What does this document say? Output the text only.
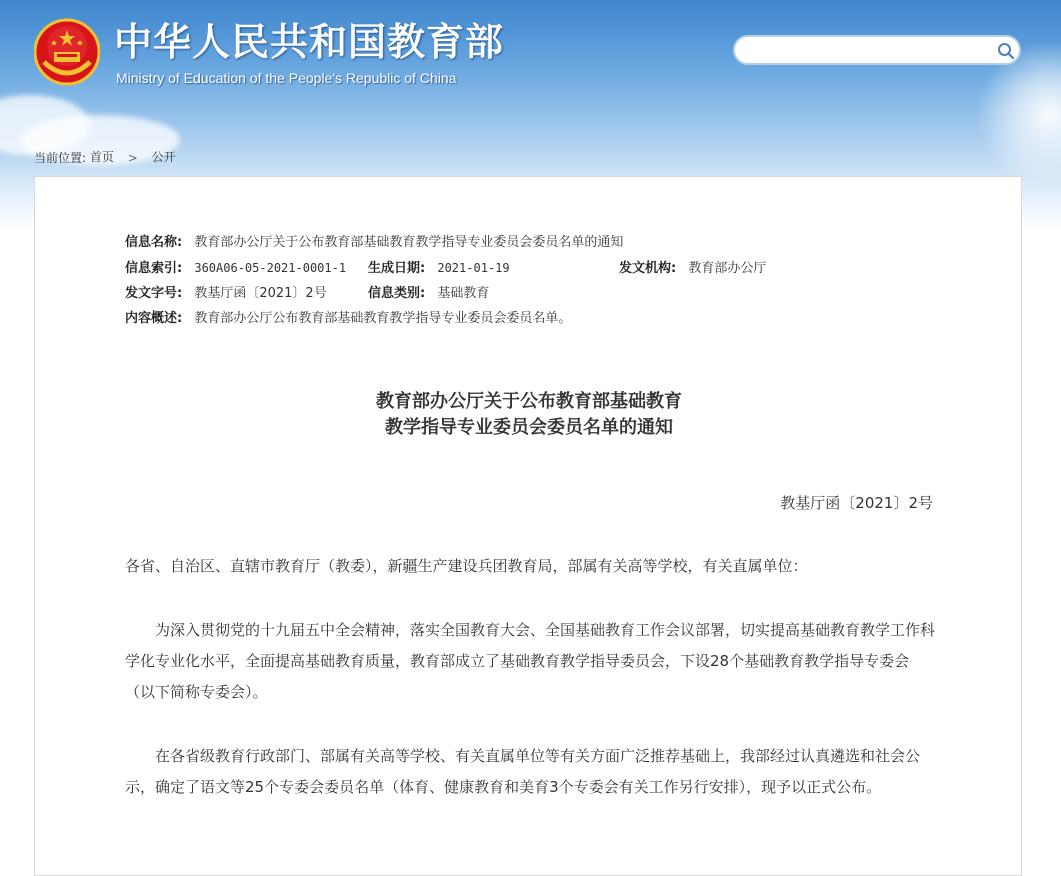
中华人民共和国教育部
Ministry of Education of the People's Republic of China
当前位置: 首页 > 公开
信息名称: 教育部办公厅关于公布教育部基础教育教学指导专业委员会委员名单的通知
信息索引: 360A06-05-2021-0001-1 生成日期: 2021-01-19	发文机构: 教育部办公厅
发文字号: 教基厅函〔2021〕2号	信息类别: 基础教育
内容概述: 教育部办公厅公布教育部基础教育教学指导专业委员会委员名单。
教育部办公厅关于公布教育部基础教育
教学指导专业委员会委员名单的通知
教基厅函〔2021〕2号
各省、自治区、直辖市教育厅（教委），新疆生产建设兵团教育局，部属有关高等学校，有关直属单位：
为深入贯彻党的十九届五中全会精神，落实全国教育大会、全国基础教育工作会议部署，切实提高基础教育教学工作科学化专业化水平，全面提高基础教育质量，教育部成立了基础教育教学指导委员会，下设28个基础教育教学指导专委会（以下简称专委会）。
在各省级教育行政部门、部属有关高等学校、有关直属单位等有关方面广泛推荐基础上，我部经过认真遴选和社会公示，确定了语文等25个专委会委员名单（体育、健康教育和美育3个专委会有关工作另行安排），现予以正式公布。
